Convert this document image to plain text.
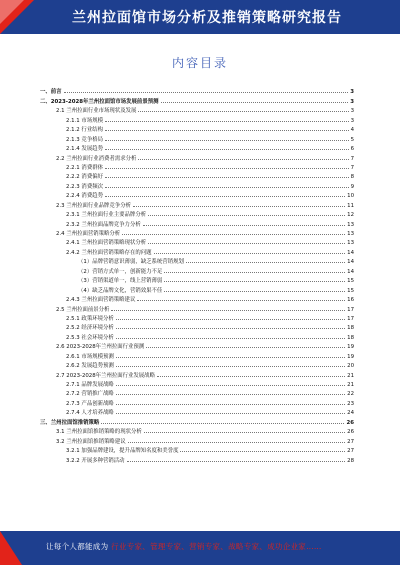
兰州拉面馆市场分析及推销策略研究报告
内容目录
一、前言	3
二、2023-2028年兰州拉面馆市场发展前景预测	3
2.1 兰州拉面行业市场现状及发展	3
2.1.1 市场规模	3
2.1.2 行业结构	4
2.1.3 竞争格局	5
2.1.4 发展趋势	6
2.2 兰州拉面行业消费者需求分析	7
2.2.1 消费群体	7
2.2.2 消费偏好	8
2.2.3 消费频次	9
2.2.4 消费趋势	10
2.3 兰州拉面行业品牌竞争分析	11
2.3.1 兰州拉面行业主要品牌分析	12
2.3.2 兰州拉面品牌竞争力分析	13
2.4 兰州拉面营销策略分析	13
2.4.1 兰州拉面营销策略现状分析	13
2.4.2 兰州拉面营销策略存在的问题	14
（1）品牌营销意识薄弱，缺乏系统营销规划	14
（2）营销方式单一，创新能力不足	14
（3）营销渠道单一，线上营销薄弱	15
（4）缺乏品牌文化，营销效果不佳	15
2.4.3 兰州拉面营销策略建议	16
2.5 兰州拉面前景分析	17
2.5.1 政策环境分析	17
2.5.2 经济环境分析	18
2.5.3 社会环境分析	18
2.6 2023-2028年兰州拉面行业预测	19
2.6.1 市场规模预测	19
2.6.2 发展趋势预测	20
2.7 2023-2028年兰州拉面行业发展战略	21
2.7.1 品牌发展战略	21
2.7.2 营销推广战略	22
2.7.3 产品创新战略	23
2.7.4 人才培养战略	24
三、兰州拉面馆推销策略	26
3.1 兰州拉面馆推销策略的现状分析	26
3.2 兰州拉面馆推销策略建议	27
3.2.1 加强品牌建设，提升品牌知名度和美誉度	27
3.2.2 开展多种营销活动	28
让每个人都能成为 行业专家、管理专家、营销专家、战略专家、成功企业家……
